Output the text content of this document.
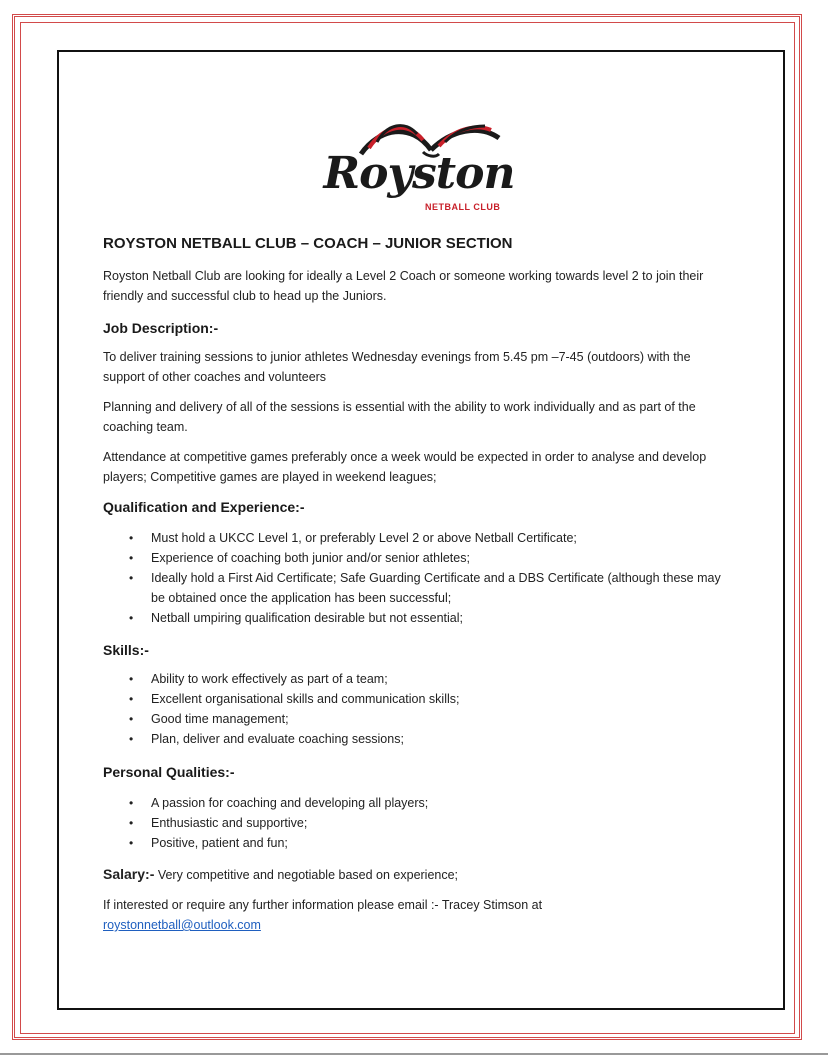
Royston
NETBALL CLUB
ROYSTON NETBALL CLUB – COACH – JUNIOR SECTION
Royston Netball Club are looking for ideally a Level 2 Coach or someone working towards level 2 to join their friendly and successful club to head up the Juniors.
Job Description:-
To deliver training sessions to junior athletes Wednesday evenings from 5.45 pm –7-45 (outdoors) with the support of other coaches and volunteers
Planning and delivery of all of the sessions is essential with the ability to work individually and as part of the coaching team.
Attendance at competitive games preferably once a week would be expected in order to analyse and develop players; Competitive games are played in weekend leagues;
Qualification and Experience:-
• Must hold a UKCC Level 1, or preferably Level 2 or above Netball Certificate;
• Experience of coaching both junior and/or senior athletes;
• Ideally hold a First Aid Certificate; Safe Guarding Certificate and a DBS Certificate (although these may be obtained once the application has been successful;
• Netball umpiring qualification desirable but not essential;
Skills:-
• Ability to work effectively as part of a team;
• Excellent organisational skills and communication skills;
• Good time management;
• Plan, deliver and evaluate coaching sessions;
Personal Qualities:-
• A passion for coaching and developing all players;
• Enthusiastic and supportive;
• Positive, patient and fun;
Salary:- Very competitive and negotiable based on experience;
If interested or require any further information please email :- Tracey Stimson at
roystonnetball@outlook.com
